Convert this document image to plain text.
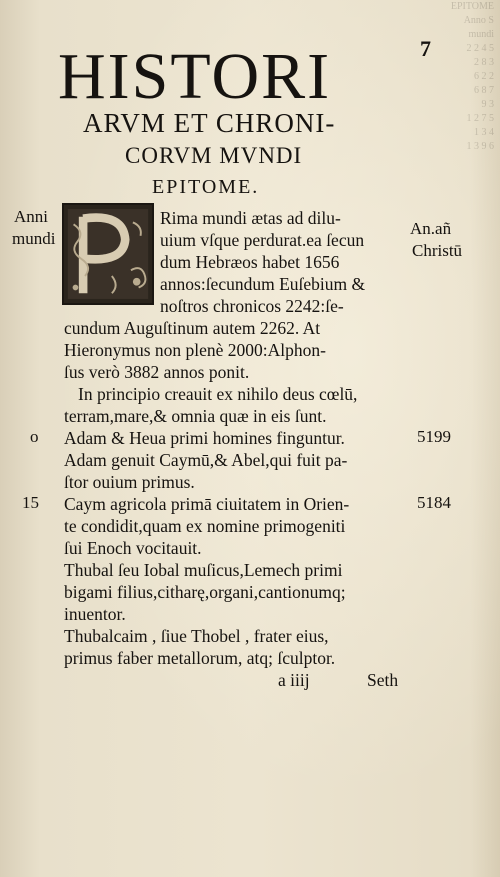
EPITOME
Anno S
mundi
2 2 4 5
2 8 3
6 2 2
6 8 7
9 3
1 2 7 5
1 3 4
1 3 9 6
7
HISTORI
ARVM ET CHRONI-
CORVM MVNDI
EPITOME.
Anni
mundi
An.añ
Christū
Rima mundi ætas ad dilu-
uium vſque perdurat.ea ſecun
dum Hebræos habet 1656
annos:ſecundum Euſebium &
noſtros chronicos 2242:ſe-
cundum Auguſtinum autem 2262. At
Hieronymus non plenè 2000:Alphon-
ſus verò 3882 annos ponit.
In principio creauit ex nihilo deus cœlū,
terram,mare,& omnia quæ in eis ſunt.
o Adam & Heua primi homines finguntur.	5199
Adam genuit Caymū,& Abel,qui fuit pa-
ſtor ouium primus.
15 Caym agricola primā ciuitatem in Orien-	5184
te condidit,quam ex nomine primogeniti
ſui Enoch vocitauit.
Thubal ſeu Iobal muſicus,Lemech primi
bigami filius,citharę,organi,cantionumq;
inuentor.
Thubalcaim , ſiue Thobel , frater eius,
primus faber metallorum, atq; ſculptor.
a iiij	Seth
